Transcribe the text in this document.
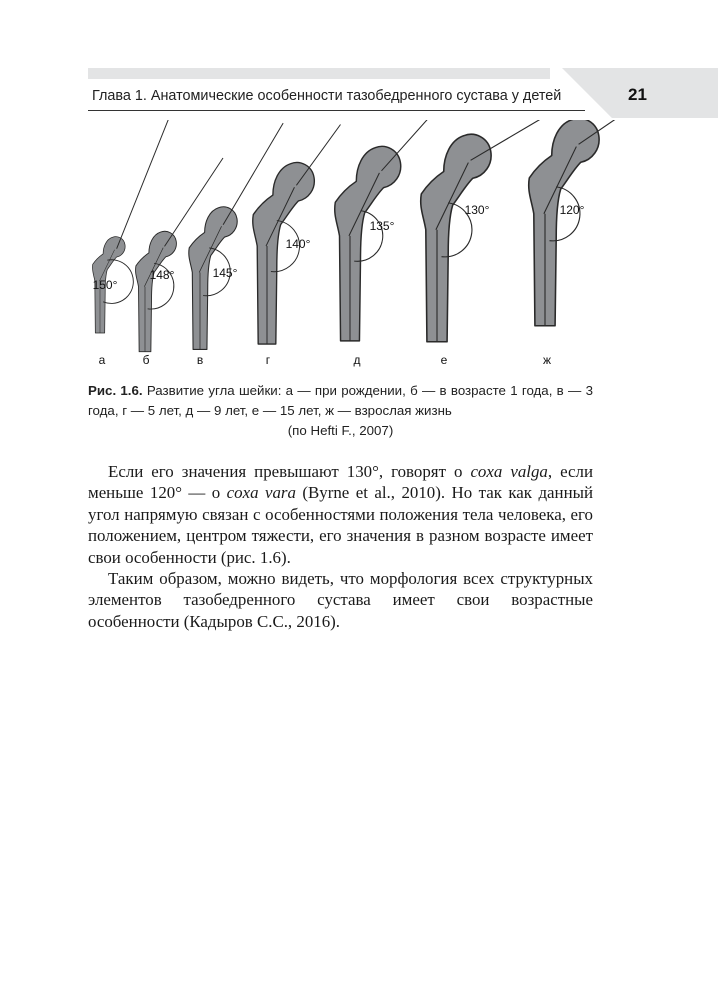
Глава 1. Анатомические особенности тазобедренного сустава у детей	21
150°
148°	145°
140°
135°
130°	120°
а	б	в	г	д	е	ж
Рис. 1.6. Развитие угла шейки: а — при рождении, б — в возрасте 1 года, в — 3 года, г — 5 лет, д — 9 лет, е — 15 лет, ж — взрослая жизнь
(по Hefti F., 2007)

Если его значения превышают 130°, говорят о coxa valga, если меньше 120° — о coxa vara (Byrne et al., 2010). Но так как данный угол напрямую связан с особенностями положения тела человека, его положением, центром тяжести, его значения в разном возрасте имеет свои особенности (рис. 1.6).

Таким образом, можно видеть, что морфология всех структурных элементов тазобедренного сустава имеет свои возрастные особенности (Кадыров С.С., 2016).
